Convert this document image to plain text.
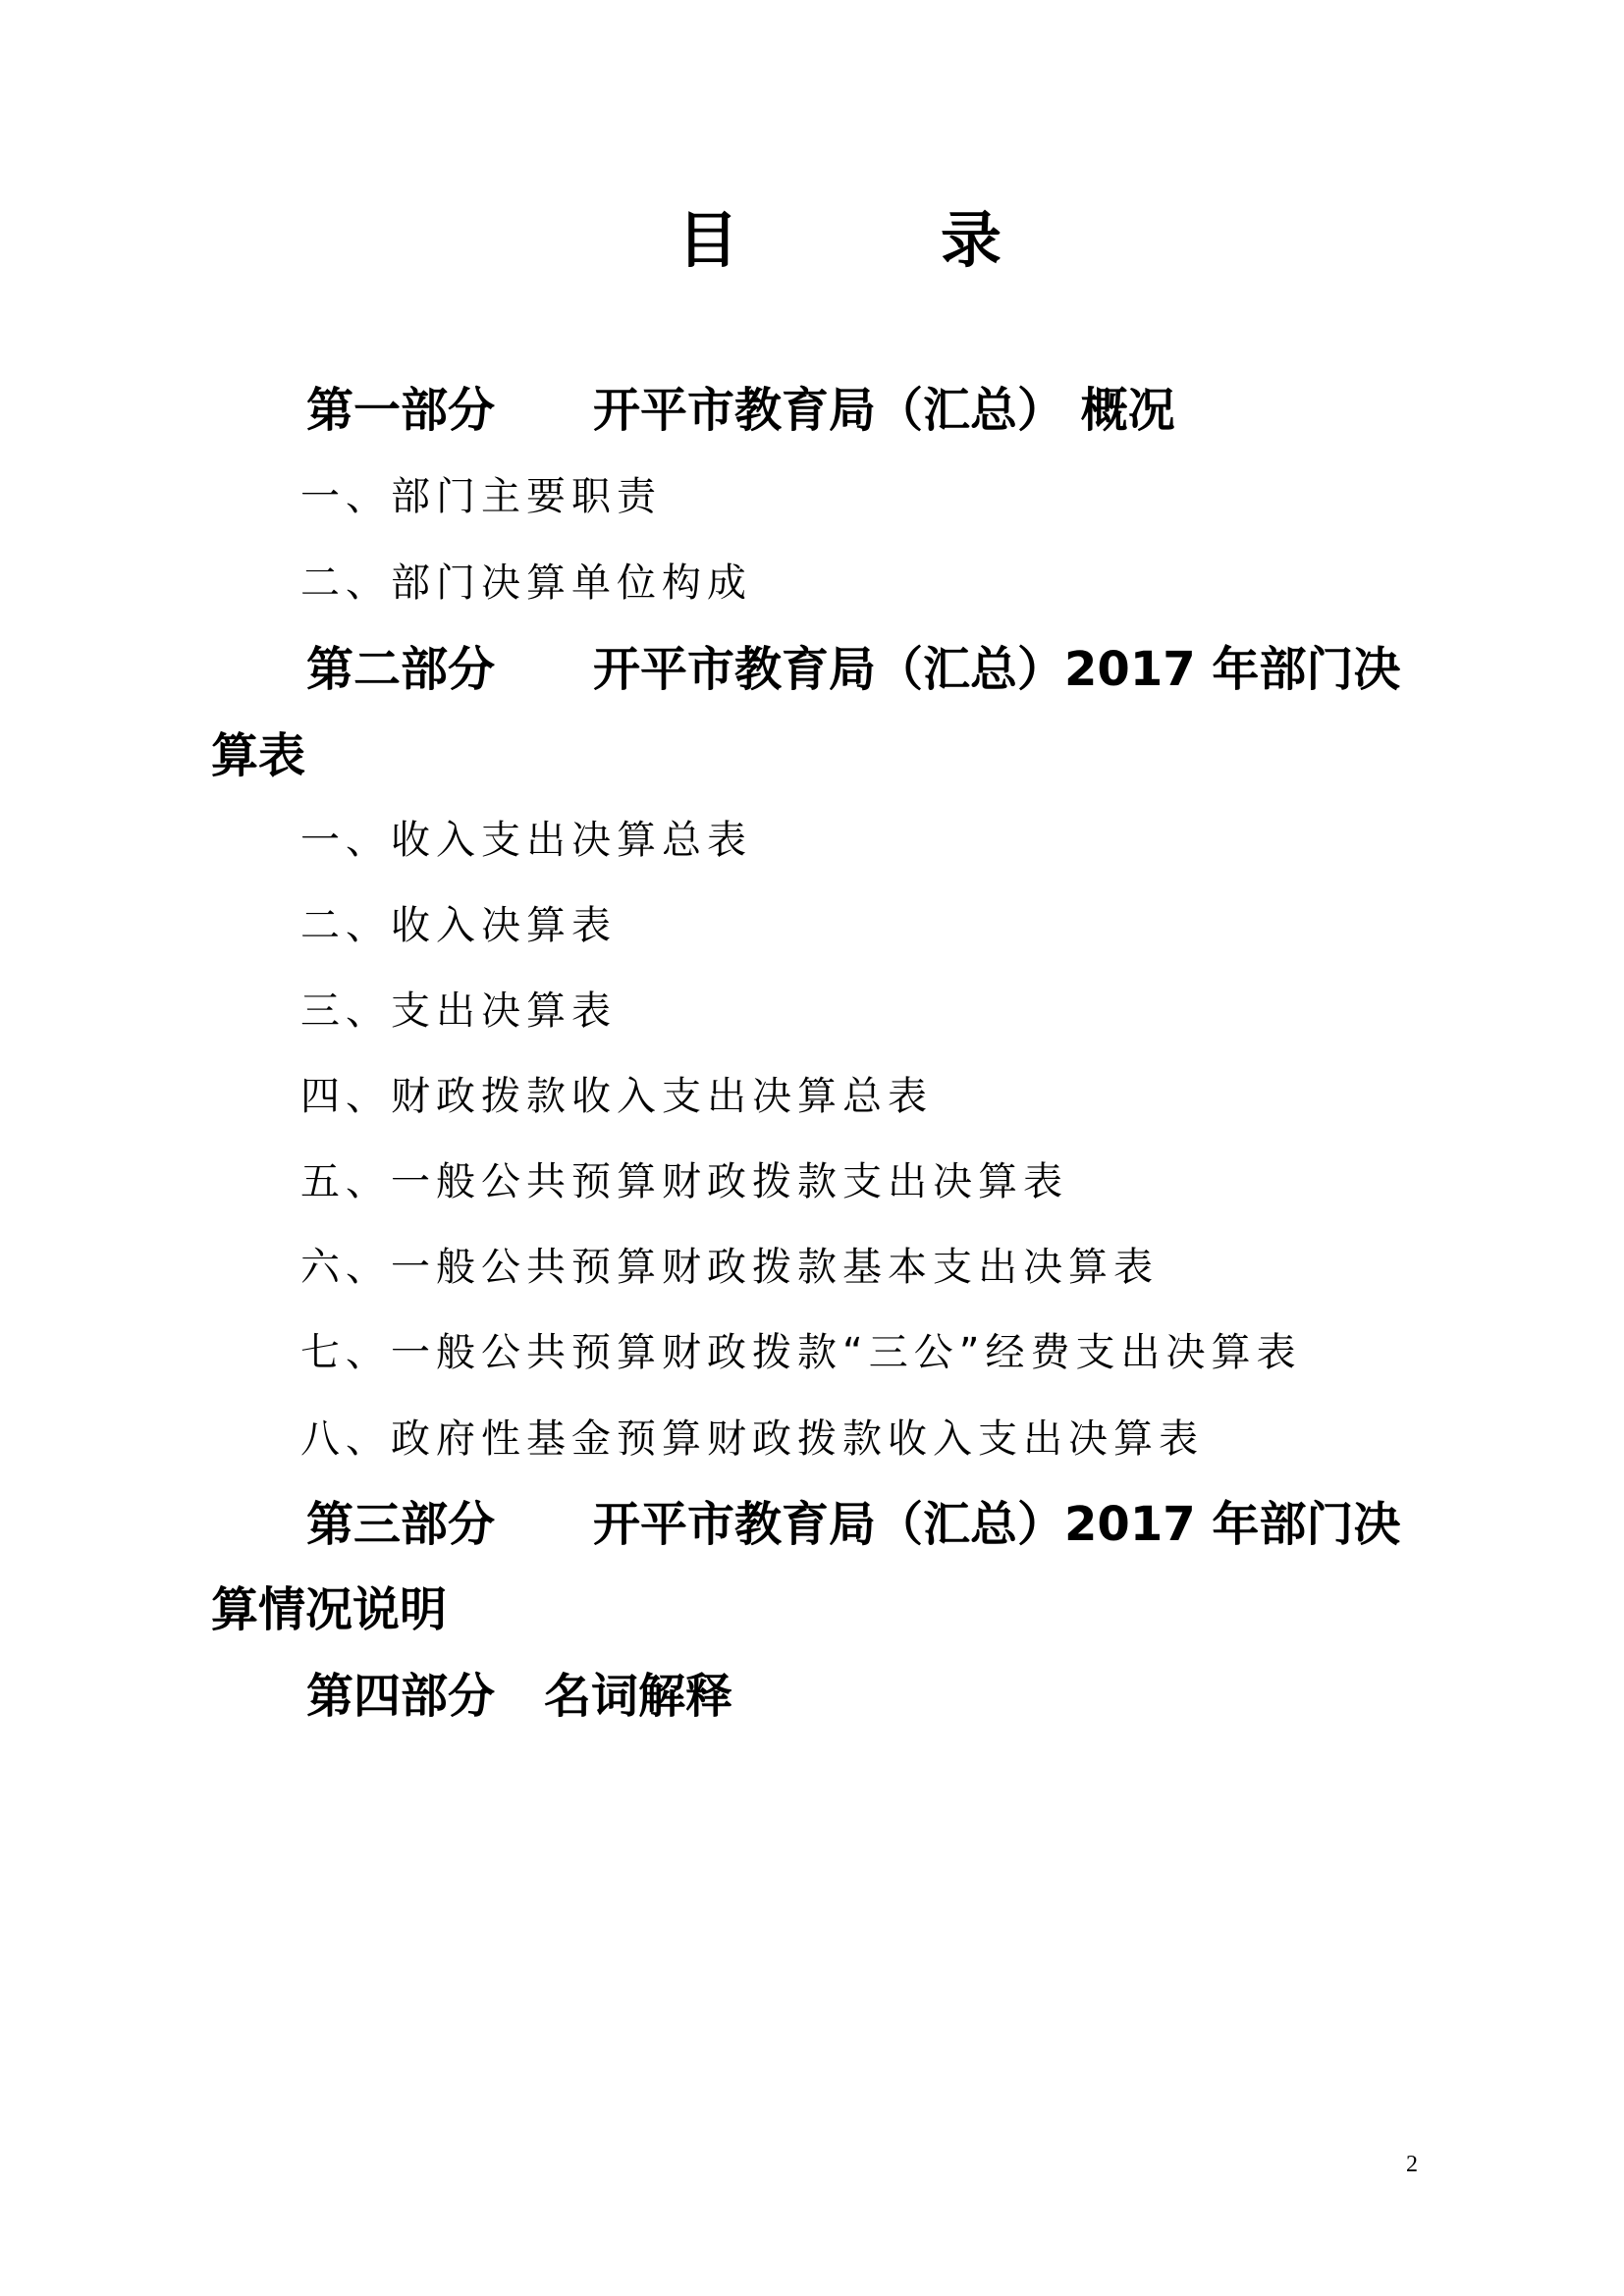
目	录
第一部分 开平市教育局（汇总） 概况
一、部门主要职责
二、部门决算单位构成
第二部分 开平市教育局（汇总）2017 年部门决
算表
一、收入支出决算总表
二、收入决算表
三、支出决算表
四、财政拨款收入支出决算总表
五、一般公共预算财政拨款支出决算表
六、一般公共预算财政拨款基本支出决算表
七、一般公共预算财政拨款“三公”经费支出决算表
八、政府性基金预算财政拨款收入支出决算表
第三部分 开平市教育局（汇总）2017 年部门决
算情况说明
第四部分 名词解释
2
